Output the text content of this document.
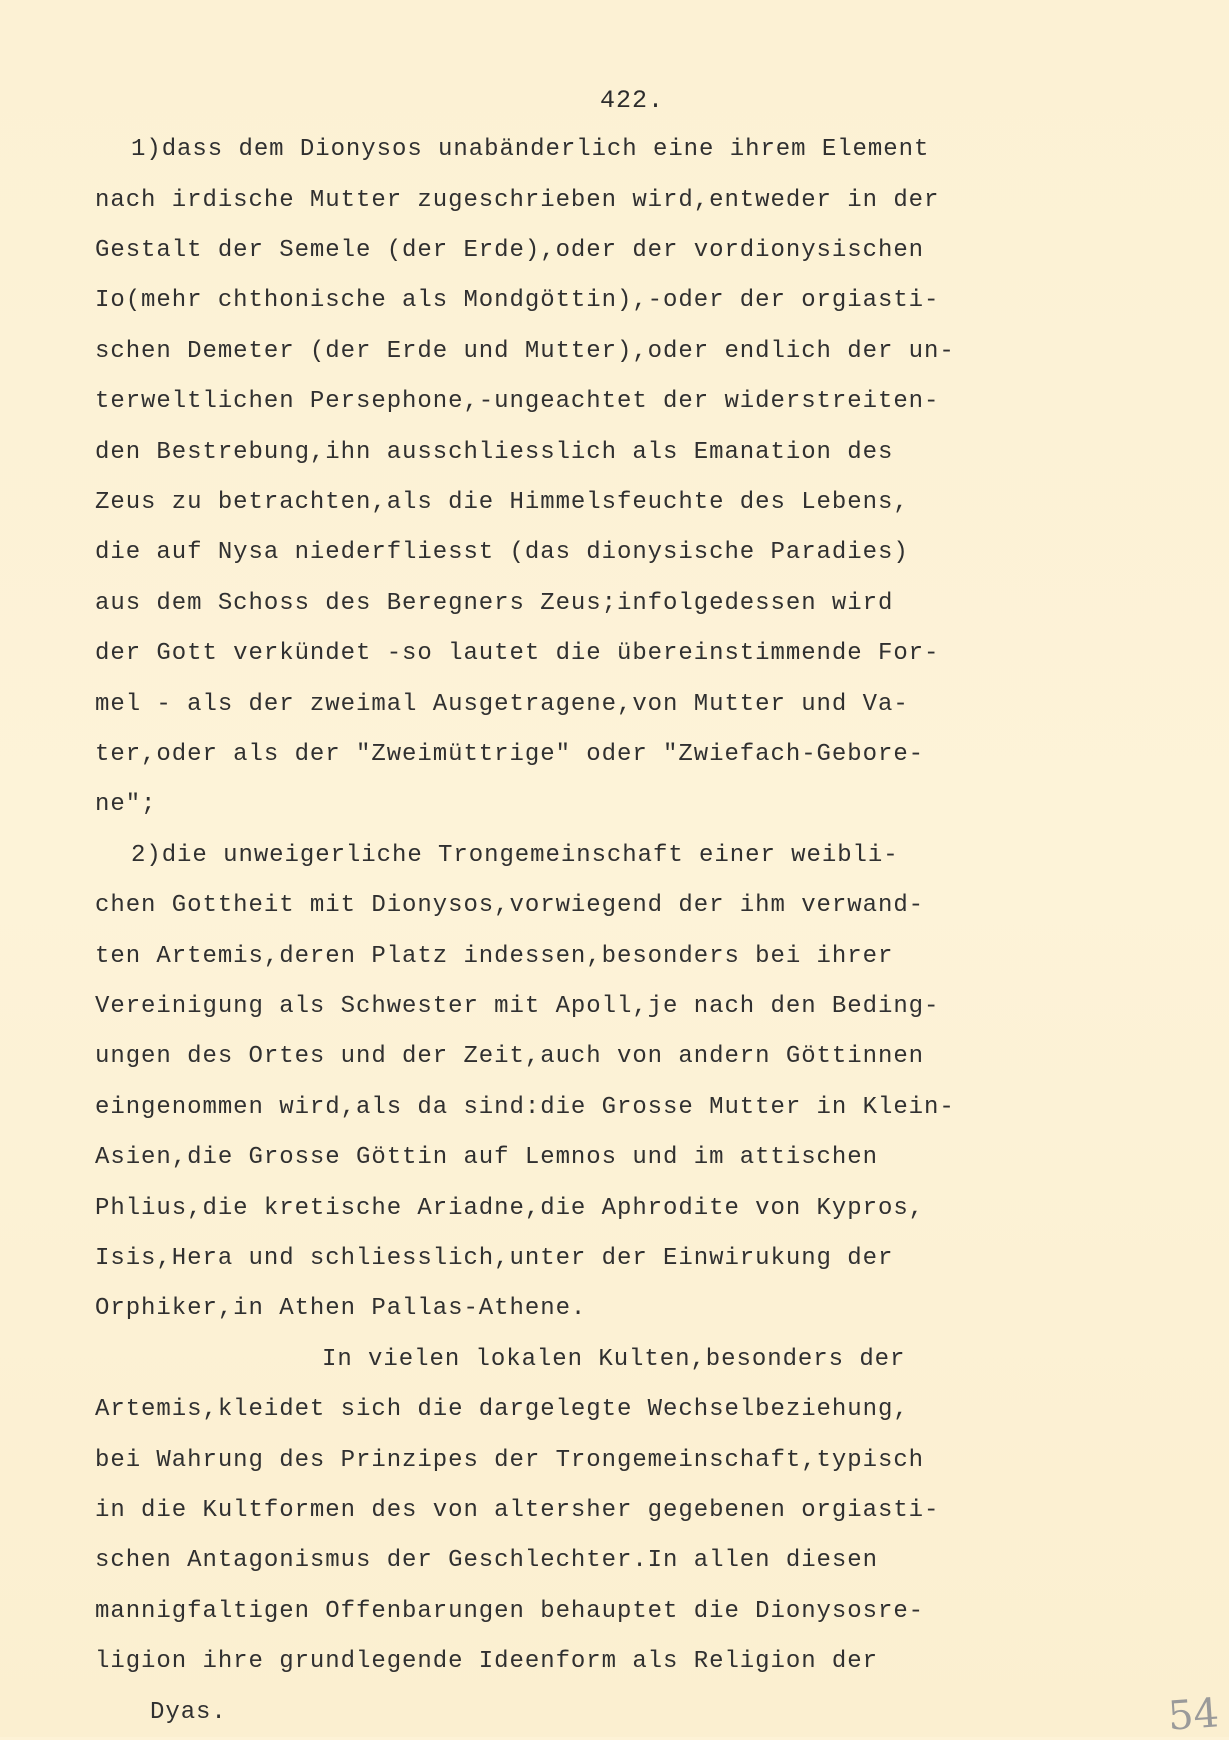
422.
1)dass dem Dionysos unabänderlich eine ihrem Element
nach irdische Mutter zugeschrieben wird,entweder in der
Gestalt der Semele (der Erde),oder der vordionysischen
Io(mehr chthonische als Mondgöttin),-oder der orgiasti-
schen Demeter (der Erde und Mutter),oder endlich der un-
terweltlichen Persephone,-ungeachtet der widerstreiten-
den Bestrebung,ihn ausschliesslich als Emanation des
Zeus zu betrachten,als die Himmelsfeuchte des Lebens,
die auf Nysa niederfliesst (das dionysische Paradies)
aus dem Schoss des Beregners Zeus;infolgedessen wird
der Gott verkündet -so lautet die übereinstimmende For-
mel - als der zweimal Ausgetragene,von Mutter und Va-
ter,oder als der "Zweimüttrige" oder "Zwiefach-Gebore-
ne";
2)die unweigerliche Trongemeinschaft einer weibli-
chen Gottheit mit Dionysos,vorwiegend der ihm verwand-
ten Artemis,deren Platz indessen,besonders bei ihrer
Vereinigung als Schwester mit Apoll,je nach den Beding-
ungen des Ortes und der Zeit,auch von andern Göttinnen
eingenommen wird,als da sind:die Grosse Mutter in Klein-
Asien,die Grosse Göttin auf Lemnos und im attischen
Phlius,die kretische Ariadne,die Aphrodite von Kypros,
Isis,Hera und schliesslich,unter der Einwirukung der
Orphiker,in Athen Pallas-Athene.
In vielen lokalen Kulten,besonders der
Artemis,kleidet sich die dargelegte Wechselbeziehung,
bei Wahrung des Prinzipes der Trongemeinschaft,typisch
in die Kultformen des von altersher gegebenen orgiasti-
schen Antagonismus der Geschlechter.In allen diesen
mannigfaltigen Offenbarungen behauptet die Dionysosre-
ligion ihre grundlegende Ideenform als Religion der
Dyas.	54
